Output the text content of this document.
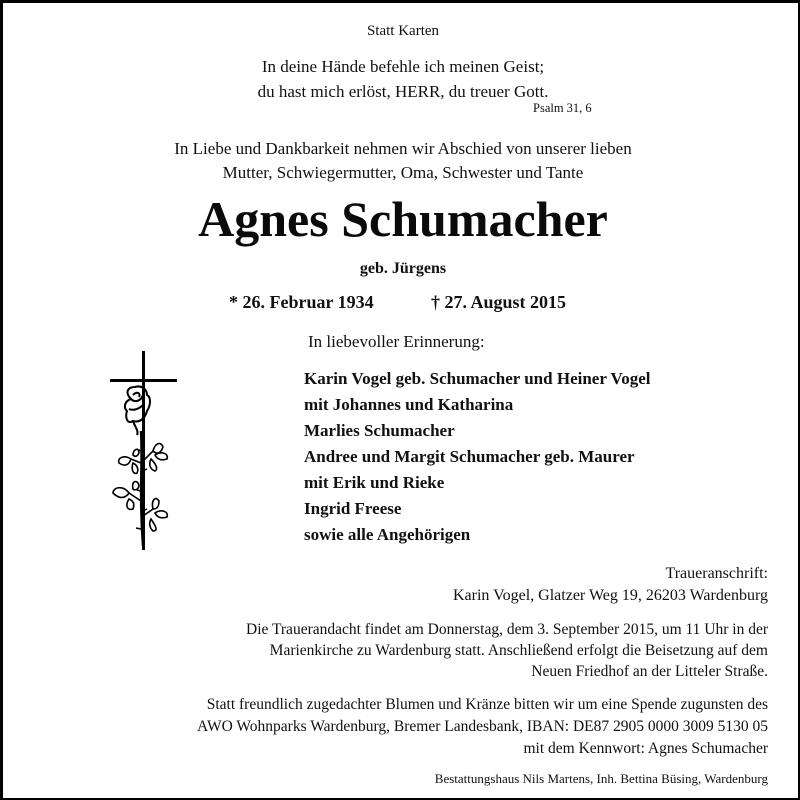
Statt Karten
In deine Hände befehle ich meinen Geist;
du hast mich erlöst, HERR, du treuer Gott.
Psalm 31, 6
In Liebe und Dankbarkeit nehmen wir Abschied von unserer lieben
Mutter, Schwiegermutter, Oma, Schwester und Tante
Agnes Schumacher
geb. Jürgens
* 26. Februar 1934	† 27. August 2015
In liebevoller Erinnerung:
Karin Vogel geb. Schumacher und Heiner Vogel
mit Johannes und Katharina
Marlies Schumacher
Andree und Margit Schumacher geb. Maurer
mit Erik und Rieke
Ingrid Freese
sowie alle Angehörigen
Traueranschrift:
Karin Vogel, Glatzer Weg 19, 26203 Wardenburg
Die Trauerandacht findet am Donnerstag, dem 3. September 2015, um 11 Uhr in der
Marienkirche zu Wardenburg statt. Anschließend erfolgt die Beisetzung auf dem
Neuen Friedhof an der Litteler Straße.
Statt freundlich zugedachter Blumen und Kränze bitten wir um eine Spende zugunsten des
AWO Wohnparks Wardenburg, Bremer Landesbank, IBAN: DE87 2905 0000 3009 5130 05
mit dem Kennwort: Agnes Schumacher
Bestattungshaus Nils Martens, Inh. Bettina Büsing, Wardenburg
